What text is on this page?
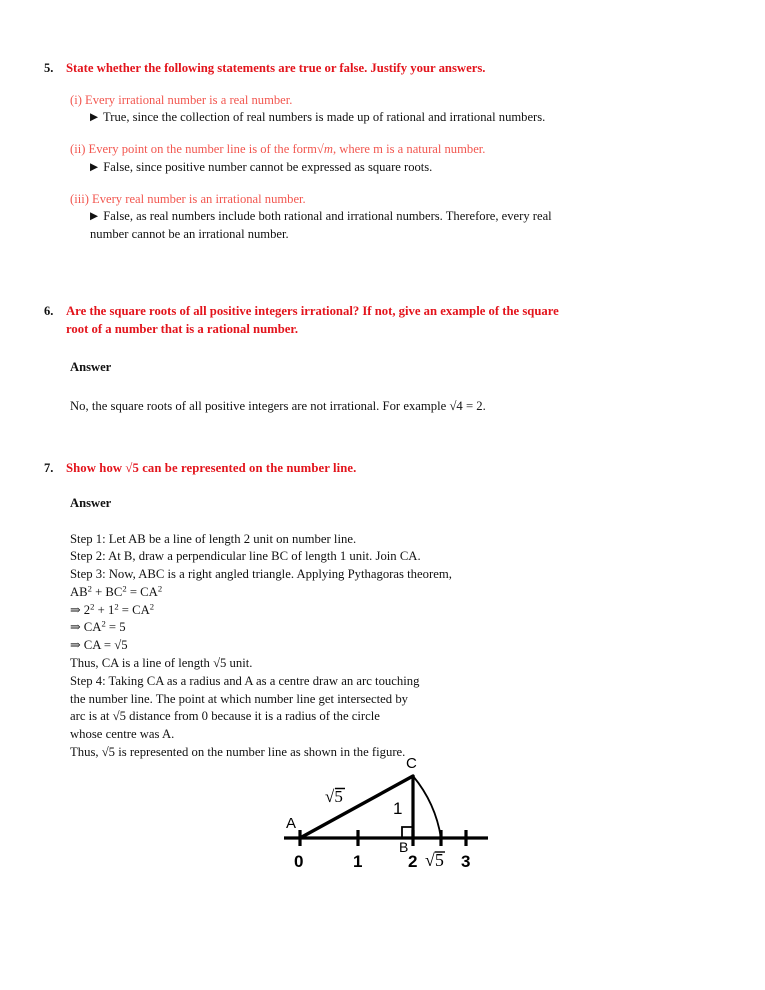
5. State whether the following statements are true or false. Justify your answers.
(i) Every irrational number is a real number.
▶ True, since the collection of real numbers is made up of rational and irrational numbers.
(ii) Every point on the number line is of the form√m, where m is a natural number.
▶ False, since positive number cannot be expressed as square roots.
(iii) Every real number is an irrational number.
▶ False, as real numbers include both rational and irrational numbers. Therefore, every real
number cannot be an irrational number.
6. Are the square roots of all positive integers irrational? If not, give an example of the square
root of a number that is a rational number.
Answer
No, the square roots of all positive integers are not irrational. For example √4 = 2.
7. Show how √5 can be represented on the number line.
Answer
Step 1: Let AB be a line of length 2 unit on number line.
Step 2: At B, draw a perpendicular line BC of length 1 unit. Join CA.
Step 3: Now, ABC is a right angled triangle. Applying Pythagoras theorem,
$AB^2 + BC^2 = CA^2$
⇒ $2^2 + 1^2 = CA^2$
⇒ $CA^2 = 5$
⇒ CA = √5
Thus, CA is a line of length √5 unit.
Step 4: Taking CA as a radius and A as a centre draw an arc touching
the number line. The point at which number line get intersected by
arc is at √5 distance from 0 because it is a radius of the circle
whose centre was A.
Thus, √5 is represented on the number line as shown in the figure.
C
A
B
√5
1
0	1	2	3
√5
